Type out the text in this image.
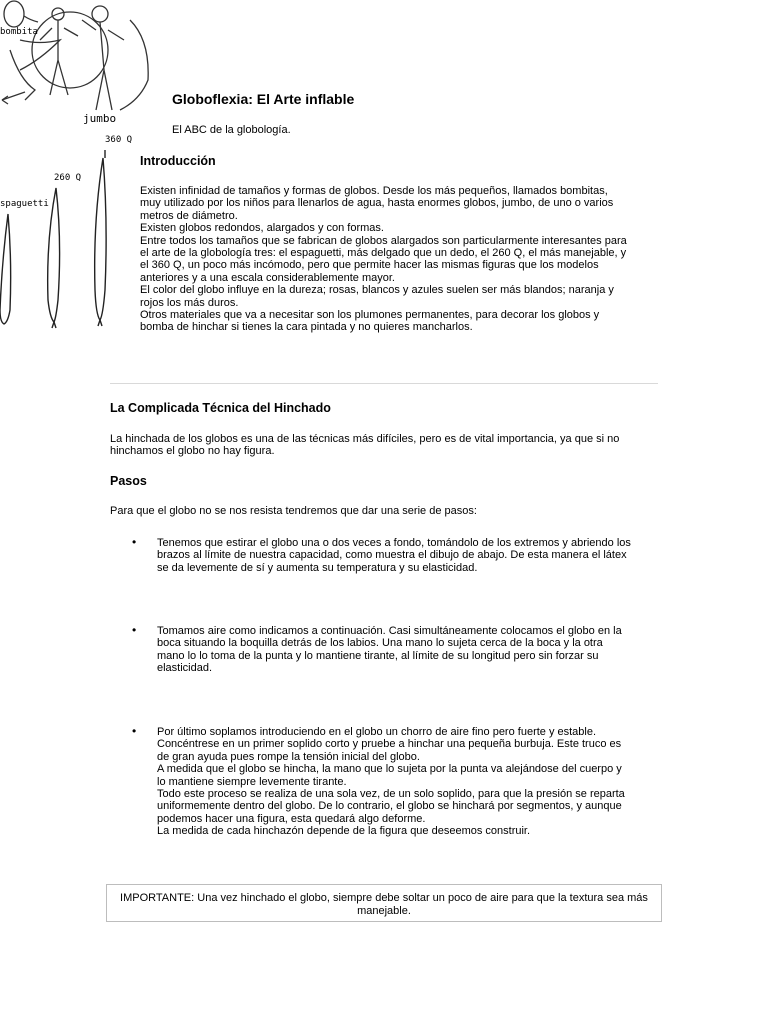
bombita
jumbo
360 Q
260 Q
spaguetti
Globoflexia: El Arte inflable
El ABC de la globología.
Introducción
Existen infinidad de tamaños y formas de globos. Desde los más pequeños, llamados bombitas,
muy utilizado por los niños para llenarlos de agua, hasta enormes globos, jumbo, de uno o varios
metros de diámetro.
Existen globos redondos, alargados y con formas.
Entre todos los tamaños que se fabrican de globos alargados son particularmente interesantes para
el arte de la globología tres: el espaguetti, más delgado que un dedo, el 260 Q, el más manejable, y
el 360 Q, un poco más incómodo, pero que permite hacer las mismas figuras que los modelos
anteriores y a una escala considerablemente mayor.
El color del globo influye en la dureza; rosas, blancos y azules suelen ser más blandos; naranja y
rojos los más duros.
Otros materiales que va a necesitar son los plumones permanentes, para decorar los globos y
bomba de hinchar si tienes la cara pintada y no quieres mancharlos.
La Complicada Técnica del Hinchado
La hinchada de los globos es una de las técnicas más difíciles, pero es de vital importancia, ya que si no
hinchamos el globo no hay figura.
Pasos
Para que el globo no se nos resista tendremos que dar una serie de pasos:
• Tenemos que estirar el globo una o dos veces a fondo, tomándolo de los extremos y abriendo los
brazos al límite de nuestra capacidad, como muestra el dibujo de abajo. De esta manera el látex
se da levemente de sí y aumenta su temperatura y su elasticidad.
• Tomamos aire como indicamos a continuación. Casi simultáneamente colocamos el globo en la
boca situando la boquilla detrás de los labios. Una mano lo sujeta cerca de la boca y la otra
mano lo lo toma de la punta y lo mantiene tirante, al límite de su longitud pero sin forzar su
elasticidad.
• Por último soplamos introduciendo en el globo un chorro de aire fino pero fuerte y estable.
Concéntrese en un primer soplido corto y pruebe a hinchar una pequeña burbuja. Este truco es
de gran ayuda pues rompe la tensión inicial del globo.
A medida que el globo se hincha, la mano que lo sujeta por la punta va alejándose del cuerpo y
lo mantiene siempre levemente tirante.
Todo este proceso se realiza de una sola vez, de un solo soplido, para que la presión se reparta
uniformemente dentro del globo. De lo contrario, el globo se hinchará por segmentos, y aunque
podemos hacer una figura, esta quedará algo deforme.
La medida de cada hinchazón depende de la figura que deseemos construir.
IMPORTANTE: Una vez hinchado el globo, siempre debe soltar un poco de aire para que la textura sea más manejable.
